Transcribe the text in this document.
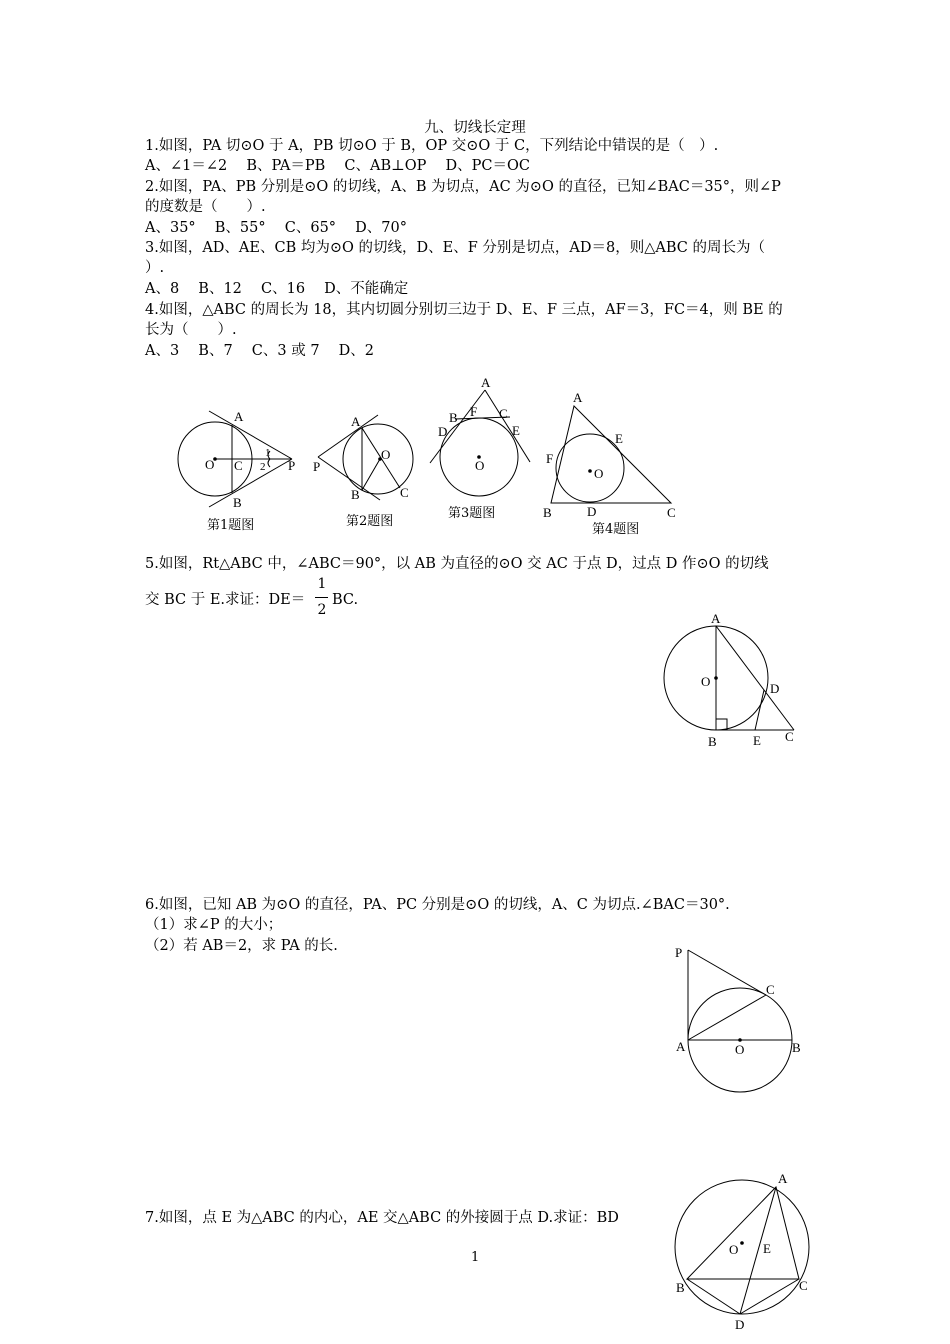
九、切线长定理
1.如图，PA 切⊙O 于 A，PB 切⊙O 于 B，OP 交⊙O 于 C，下列结论中错误的是（　）.
A、∠1＝∠2　 B、PA＝PB　 C、AB⊥OP　 D、PC＝OC
2.如图，PA、PB 分别是⊙O 的切线，A、B 为切点，AC 为⊙O 的直径，已知∠BAC＝35°，则∠P
的度数是（　　）.
A、35°　 B、55°　 C、65°　 D、70°
3.如图，AD、AE、CB 均为⊙O 的切线，D、E、F 分别是切点，AD＝8，则△ABC 的周长为（
）.
A、8　 B、12　 C、16　 D、不能确定
4.如图，△ABC 的周长为 18，其内切圆分别切三边于 D、E、F 三点，AF＝3，FC＝4，则 BE 的
长为（　　）.
A、3　 B、7　 C、3 或 7　 D、2
5.如图，Rt△ABC 中，∠ABC＝90°，以 AB 为直径的⊙O 交 AC 于点 D，过点 D 作⊙O 的切线
交 BC 于 E.求证：DE＝
1
2
BC.
6.如图，已知 AB 为⊙O 的直径，PA、PC 分别是⊙O 的切线，A、C 为切点.∠BAC＝30°.
（1）求∠P 的大小；
（2）若 AB＝2，求 PA 的长.
7.如图，点 E 为△ABC 的内心，AE 交△ABC 的外接圆于点 D.求证：BD
1
A
B
C
O	P
1
2
第1题图
A
B	C
O
P
第2题图
A
B	C
D	E
F
O
第3题图
A
B	C
D
E
F
O
第4题图
A
B	C
D
E
O
P
C
A	B
O
A
B	C
D
E
O
